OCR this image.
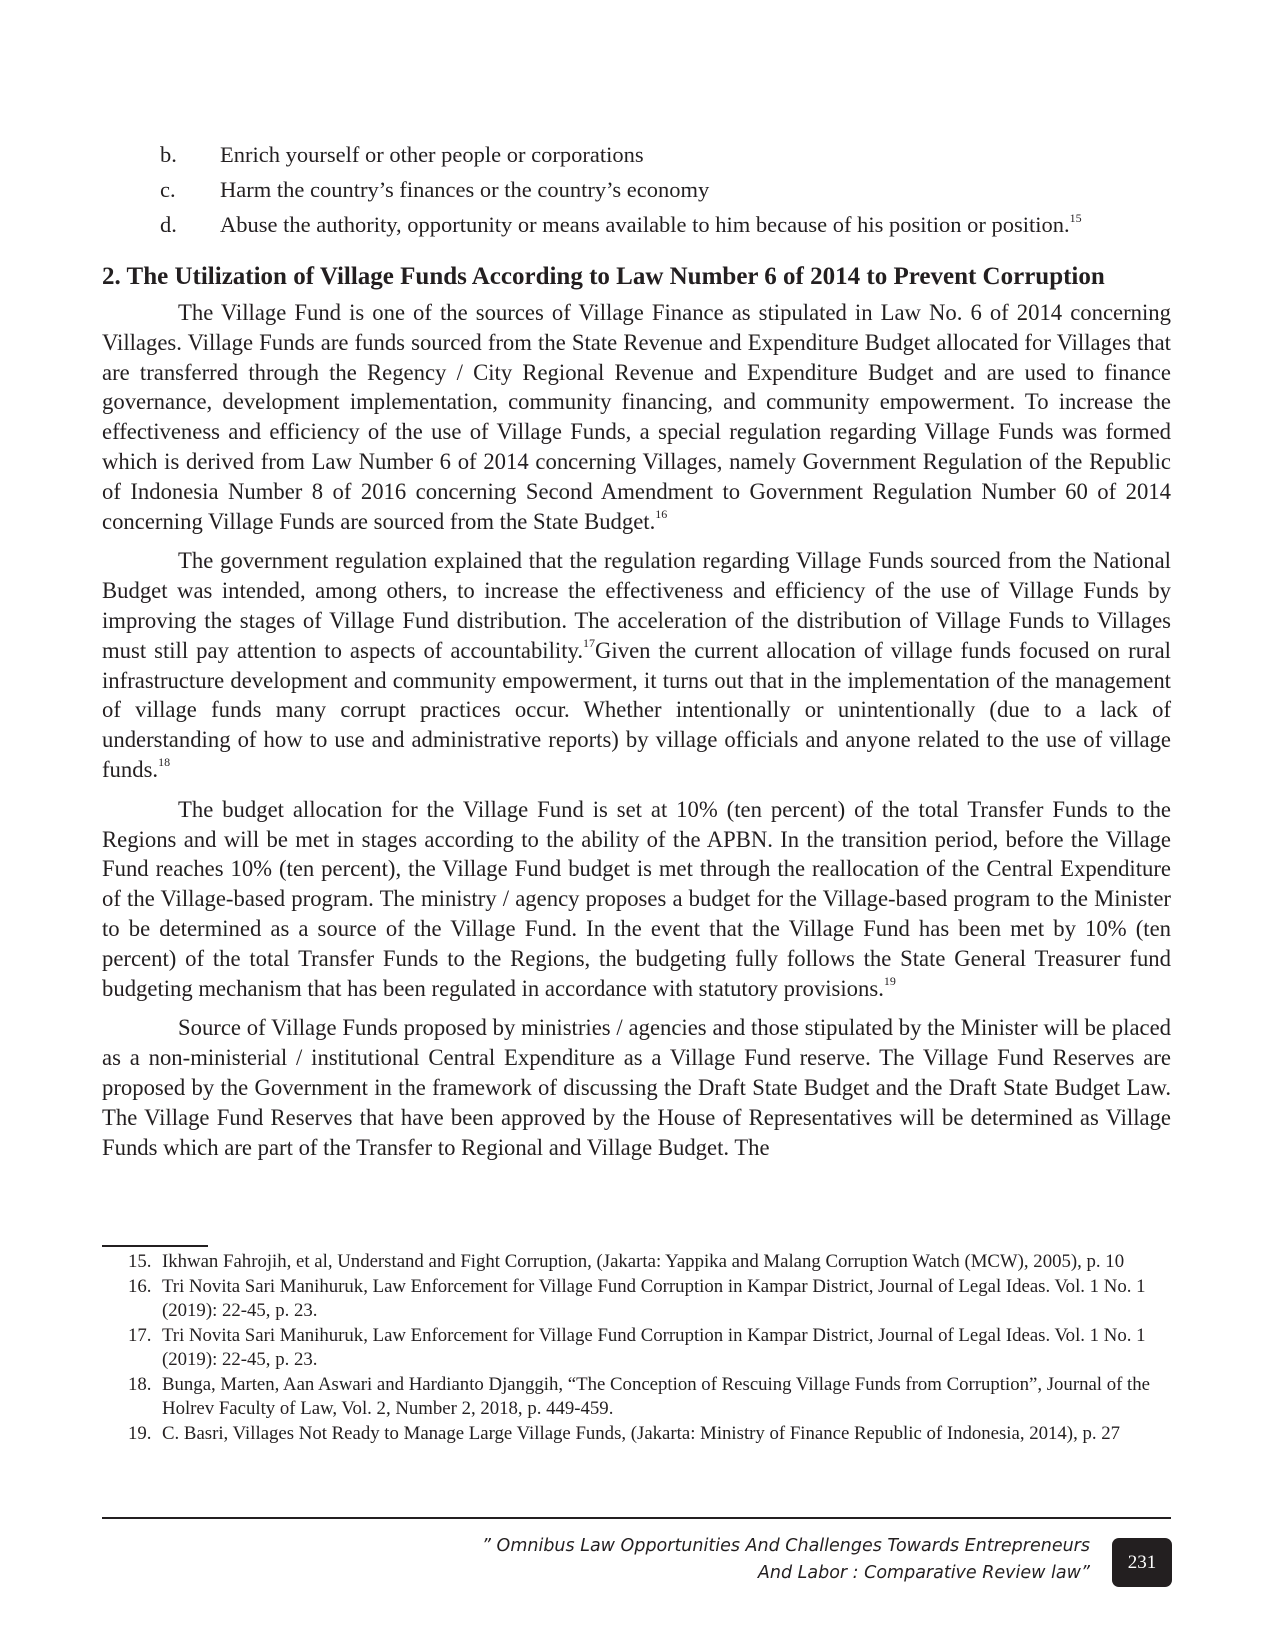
b.	Enrich yourself or other people or corporations
c.	Harm the country’s finances or the country’s economy
d.	Abuse the authority, opportunity or means available to him because of his position or position.$^{15}$
2. The Utilization of Village Funds According to Law Number 6 of 2014 to Prevent Corruption

The Village Fund is one of the sources of Village Finance as stipulated in Law No. 6 of 2014 concerning Villages. Village Funds are funds sourced from the State Revenue and Expenditure Budget allocated for Villages that are transferred through the Regency / City Regional Revenue and Expenditure Budget and are used to finance governance, development implementation, community financing, and community empowerment. To increase the effectiveness and efficiency of the use of Village Funds, a special regulation regarding Village Funds was formed which is derived from Law Number 6 of 2014 concerning Villages, namely Government Regulation of the Republic of Indonesia Number 8 of 2016 concerning Second Amendment to Government Regulation Number 60 of 2014 concerning Village Funds are sourced from the State Budget.$^{16}$

The government regulation explained that the regulation regarding Village Funds sourced from the National Budget was intended, among others, to increase the effectiveness and efficiency of the use of Village Funds by improving the stages of Village Fund distribution. The acceleration of the distribution of Village Funds to Villages must still pay attention to aspects of accountability.$^{17}$Given the current allocation of village funds focused on rural infrastructure development and community empowerment, it turns out that in the implementation of the management of village funds many corrupt practices occur. Whether intentionally or unintentionally (due to a lack of understanding of how to use and administrative reports) by village officials and anyone related to the use of village funds.$^{18}$

The budget allocation for the Village Fund is set at 10% (ten percent) of the total Transfer Funds to the Regions and will be met in stages according to the ability of the APBN. In the transition period, before the Village Fund reaches 10% (ten percent), the Village Fund budget is met through the reallocation of the Central Expenditure of the Village-based program. The ministry / agency proposes a budget for the Village-based program to the Minister to be determined as a source of the Village Fund. In the event that the Village Fund has been met by 10% (ten percent) of the total Transfer Funds to the Regions, the budgeting fully follows the State General Treasurer fund budgeting mechanism that has been regulated in accordance with statutory provisions.$^{19}$

Source of Village Funds proposed by ministries / agencies and those stipulated by the Minister will be placed as a non-ministerial / institutional Central Expenditure as a Village Fund reserve. The Village Fund Reserves are proposed by the Government in the framework of discussing the Draft State Budget and the Draft State Budget Law. The Village Fund Reserves that have been approved by the House of Representatives will be determined as Village Funds which are part of the Transfer to Regional and Village Budget. The

15. Ikhwan Fahrojih, et al, Understand and Fight Corruption, (Jakarta: Yappika and Malang Corruption Watch (MCW), 2005), p. 10
16. Tri Novita Sari Manihuruk, Law Enforcement for Village Fund Corruption in Kampar District, Journal of Legal Ideas. Vol. 1 No. 1 (2019): 22-45, p. 23.
17. Tri Novita Sari Manihuruk, Law Enforcement for Village Fund Corruption in Kampar District, Journal of Legal Ideas. Vol. 1 No. 1 (2019): 22-45, p. 23.
18. Bunga, Marten, Aan Aswari and Hardianto Djanggih, “The Conception of Rescuing Village Funds from Corruption”, Journal of the Holrev Faculty of Law, Vol. 2, Number 2, 2018, p. 449-459.
19. C. Basri, Villages Not Ready to Manage Large Village Funds, (Jakarta: Ministry of Finance Republic of Indonesia, 2014), p. 27
” Omnibus Law Opportunities And Challenges Towards Entrepreneurs
And Labor : Comparative Review law”
231
